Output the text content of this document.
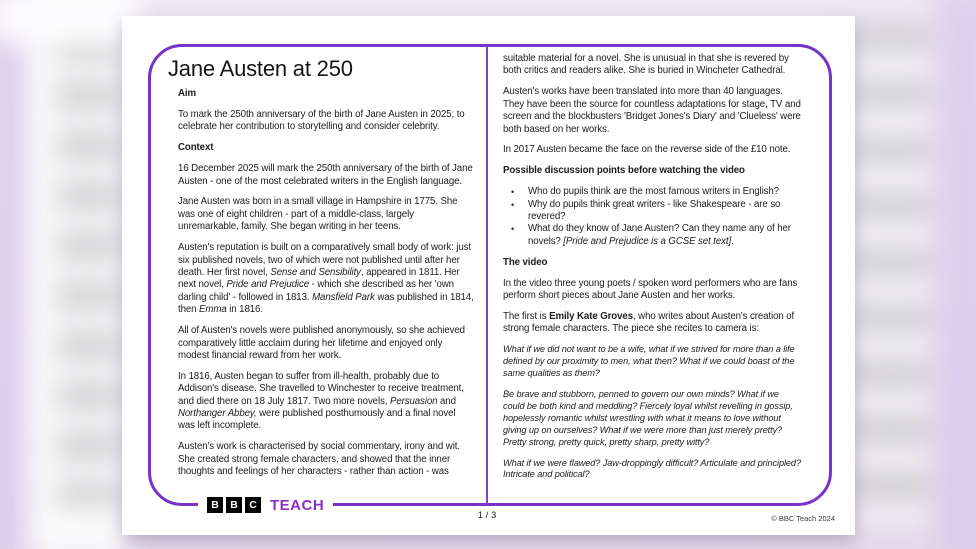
Jane Austen at 250
Aim

To mark the 250th anniversary of the birth of Jane Austen in 2025; to celebrate her contribution to storytelling and consider celebrity.

Context

16 December 2025 will mark the 250th anniversary of the birth of Jane Austen - one of the most celebrated writers in the English language.

Jane Austen was born in a small village in Hampshire in 1775. She was one of eight children - part of a middle-class, largely unremarkable, family. She began writing in her teens.

Austen's reputation is built on a comparatively small body of work: just six published novels, two of which were not published until after her death. Her first novel, Sense and Sensibility, appeared in 1811. Her next novel, Pride and Prejudice - which she described as her 'own darling child' - followed in 1813. Mansfield Park was published in 1814, then Emma in 1816.

All of Austen's novels were published anonymously, so she achieved comparatively little acclaim during her lifetime and enjoyed only modest financial reward from her work.

In 1816, Austen began to suffer from ill-health, probably due to Addison's disease. She travelled to Winchester to receive treatment, and died there on 18 July 1817. Two more novels, Persuasion and Northanger Abbey, were published posthumously and a final novel was left incomplete.

Austen's work is characterised by social commentary, irony and wit. She created strong female characters, and showed that the inner thoughts and feelings of her characters - rather than action - was

suitable material for a novel. She is unusual in that she is revered by both critics and readers alike. She is buried in Wincheter Cathedral.

Austen's works have been translated into more than 40 languages. They have been the source for countless adaptations for stage, TV and screen and the blockbusters 'Bridget Jones's Diary' and 'Clueless' were both based on her works.

In 2017 Austen became the face on the reverse side of the £10 note.

Possible discussion points before watching the video
• Who do pupils think are the most famous writers in English?
• Why do pupils think great writers - like Shakespeare - are so revered?
• What do they know of Jane Austen? Can they name any of her novels? [Pride and Prejudice is a GCSE set text].
The video

In the video three young poets / spoken word performers who are fans perform short pieces about Jane Austen and her works.

The first is Emily Kate Groves, who writes about Austen's creation of strong female characters. The piece she recites to camera is:

What if we did not want to be a wife, what if we strived for more than a life defined by our proximity to men, what then? What if we could boast of the same qualities as them?

Be brave and stubborn, penned to govern our own minds? What if we could be both kind and meddling? Fiercely loyal whilst revelling in gossip, hopelessly romantic whilst wrestling with what it means to love without giving up on ourselves? What if we were more than just merely pretty? Pretty strong, pretty quick, pretty sharp, pretty witty?

What if we were flawed? Jaw-droppingly difficult? Articulate and principled? Intricate and political?

B	B	C TEACH
1 / 3	© BBC Teach 2024
